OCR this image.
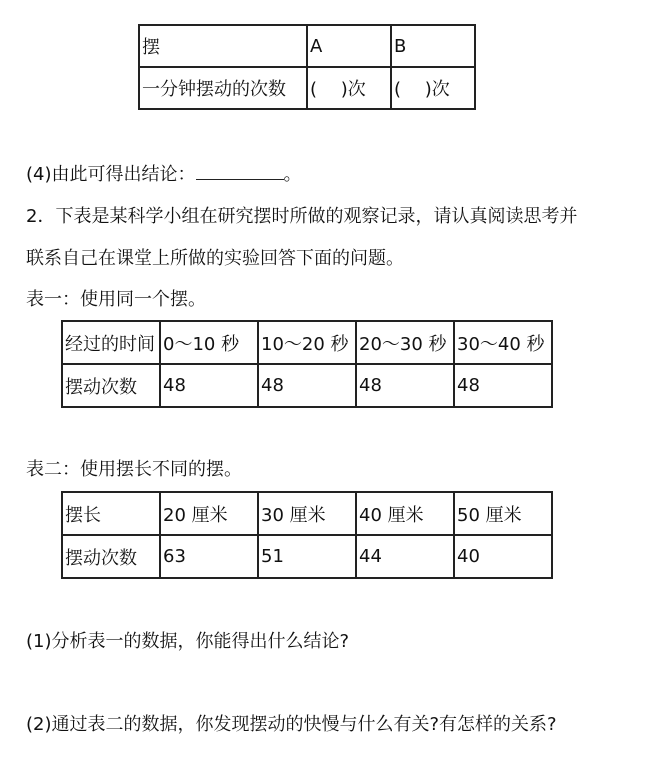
摆	A	B
一分钟摆动的次数	(　 )次	(　 )次
(4)由此可得出结论：	。
2．下表是某科学小组在研究摆时所做的观察记录，请认真阅读思考并
联系自己在课堂上所做的实验回答下面的问题。
表一：使用同一个摆。
经过的时间	0～10 秒	10～20 秒	20～30 秒	30～40 秒
摆动次数	48	48	48	48
表二：使用摆长不同的摆。
摆长	20 厘米	30 厘米	40 厘米	50 厘米
摆动次数	63	51	44	40
(1)分析表一的数据，你能得出什么结论?
(2)通过表二的数据，你发现摆动的快慢与什么有关?有怎样的关系?
